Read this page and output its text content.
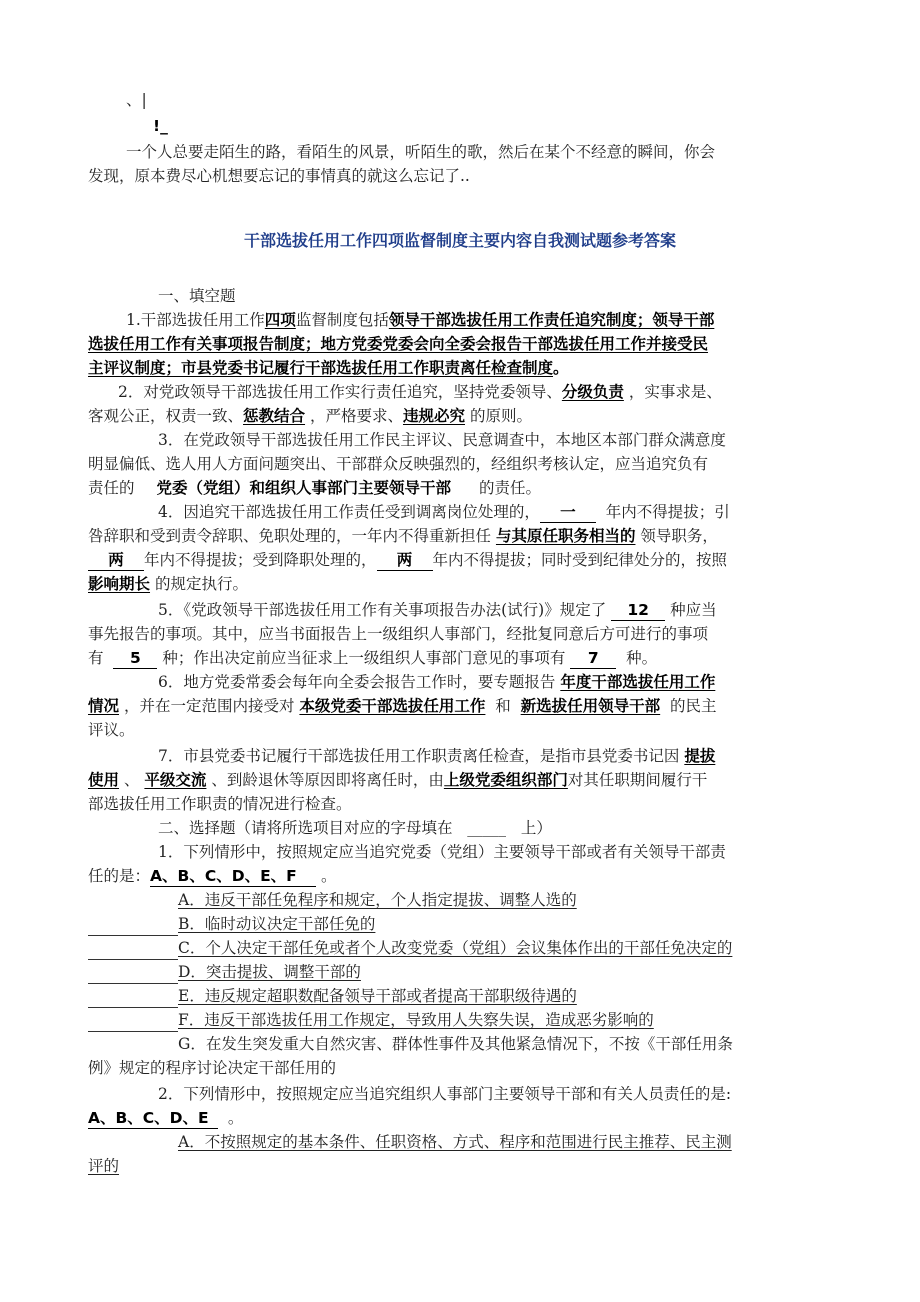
、|
!_
一个人总要走陌生的路，看陌生的风景，听陌生的歌，然后在某个不经意的瞬间，你会
发现，原本费尽心机想要忘记的事情真的就这么忘记了..
干部选拔任用工作四项监督制度主要内容自我测试题参考答案
一、填空题
1.干部选拔任用工作四项监督制度包括领导干部选拔任用工作责任追究制度；领导干部
选拔任用工作有关事项报告制度；地方党委党委会向全委会报告干部选拔任用工作并接受民
主评议制度；市县党委书记履行干部选拔任用工作职责离任检查制度。
2．对党政领导干部选拔任用工作实行责任追究，坚持党委领导、分级负责 ，实事求是、
客观公正，权责一致、惩教结合 ，严格要求、违规必究 的原则。
3．在党政领导干部选拔任用工作民主评议、民意调查中，本地区本部门群众满意度
明显偏低、选人用人方面问题突出、干部群众反映强烈的，经组织考核认定，应当追究负有
责任的 党委（党组）和组织人事部门主要领导干部 的责任。
4．因追究干部选拔任用工作责任受到调离岗位处理的， 一 年内不得提拔；引
咎辞职和受到责令辞职、免职处理的，一年内不得重新担任 与其原任职务相当的 领导职务，
两 年内不得提拔；受到降职处理的， 两 年内不得提拔；同时受到纪律处分的，按照
影响期长 的规定执行。
5．《党政领导干部选拔任用工作有关事项报告办法(试行)》规定了 12 种应当
事先报告的事项。其中，应当书面报告上一级组织人事部门，经批复同意后方可进行的事项
有 5 种；作出决定前应当征求上一级组织人事部门意见的事项有 7 种。
6．地方党委常委会每年向全委会报告工作时，要专题报告 年度干部选拔任用工作
情况 ，并在一定范围内接受对 本级党委干部选拔任用工作 和 新选拔任用领导干部 的民主
评议。
7．市县党委书记履行干部选拔任用工作职责离任检查，是指市县党委书记因 提拔
使用 、 平级交流 、到龄退休等原因即将离任时，由上级党委组织部门对其任职期间履行干
部选拔任用工作职责的情况进行检查。
二、选择题（请将所选项目对应的字母填在 _____ 上）
1．下列情形中，按照规定应当追究党委（党组）主要领导干部或者有关领导干部责
任的是：A、B、C、D、E、F 。
A．违反干部任免程序和规定，个人指定提拔、调整人选的
B．临时动议决定干部任免的
C．个人决定干部任免或者个人改变党委（党组）会议集体作出的干部任免决定的
D．突击提拔、调整干部的
E．违反规定超职数配备领导干部或者提高干部职级待遇的
F．违反干部选拔任用工作规定，导致用人失察失误，造成恶劣影响的
G．在发生突发重大自然灾害、群体性事件及其他紧急情况下，不按《干部任用条
例》规定的程序讨论决定干部任用的
2．下列情形中，按照规定应当追究组织人事部门主要领导干部和有关人员责任的是:
A、B、C、D、E 。
A．不按照规定的基本条件、任职资格、方式、程序和范围进行民主推荐、民主测
评的
